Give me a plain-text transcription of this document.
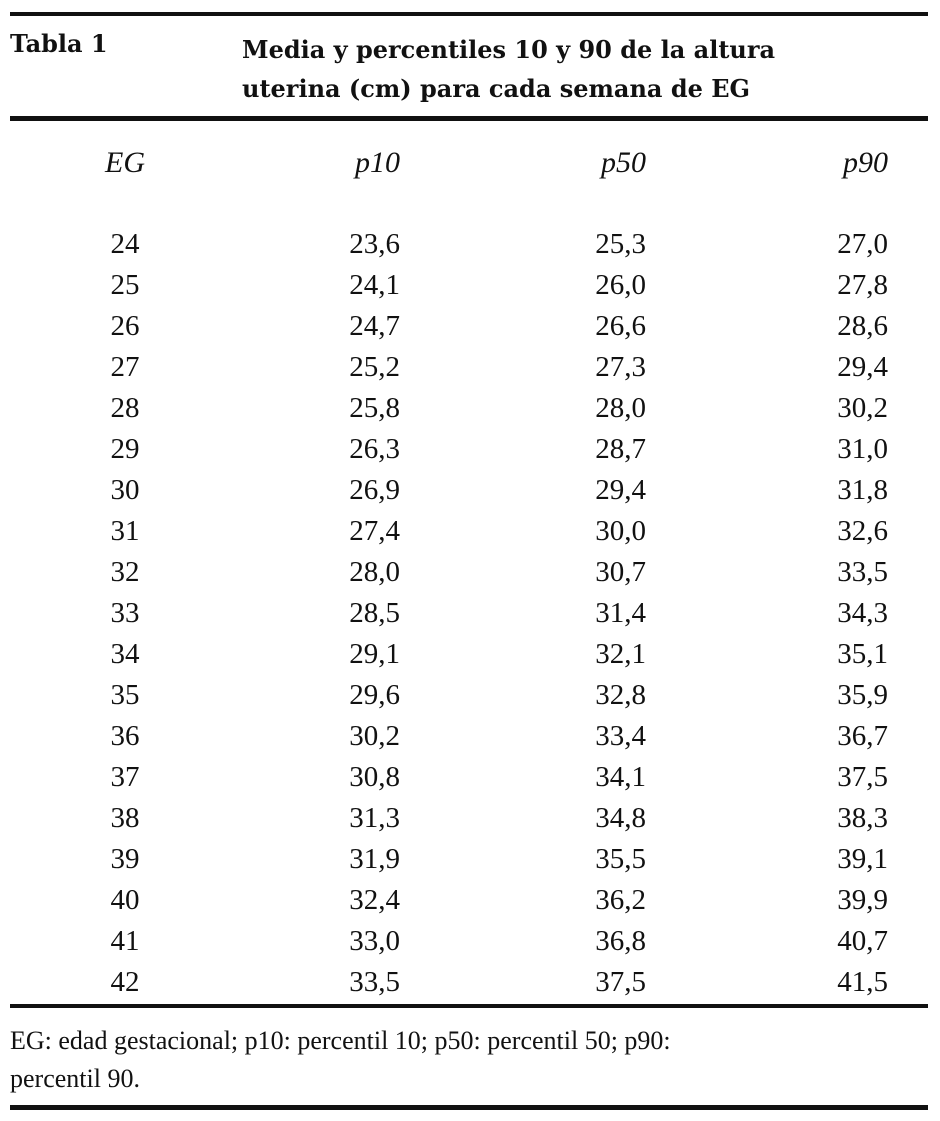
Tabla 1	Media y percentiles 10 y 90 de la altura
uterina (cm) para cada semana de EG
EG	p10	p50	p90
24	23,6	25,3	27,0
25	24,1	26,0	27,8
26	24,7	26,6	28,6
27	25,2	27,3	29,4
28	25,8	28,0	30,2
29	26,3	28,7	31,0
30	26,9	29,4	31,8
31	27,4	30,0	32,6
32	28,0	30,7	33,5
33	28,5	31,4	34,3
34	29,1	32,1	35,1
35	29,6	32,8	35,9
36	30,2	33,4	36,7
37	30,8	34,1	37,5
38	31,3	34,8	38,3
39	31,9	35,5	39,1
40	32,4	36,2	39,9
41	33,0	36,8	40,7
42	33,5	37,5	41,5
EG: edad gestacional; p10: percentil 10; p50: percentil 50; p90:
percentil 90.
